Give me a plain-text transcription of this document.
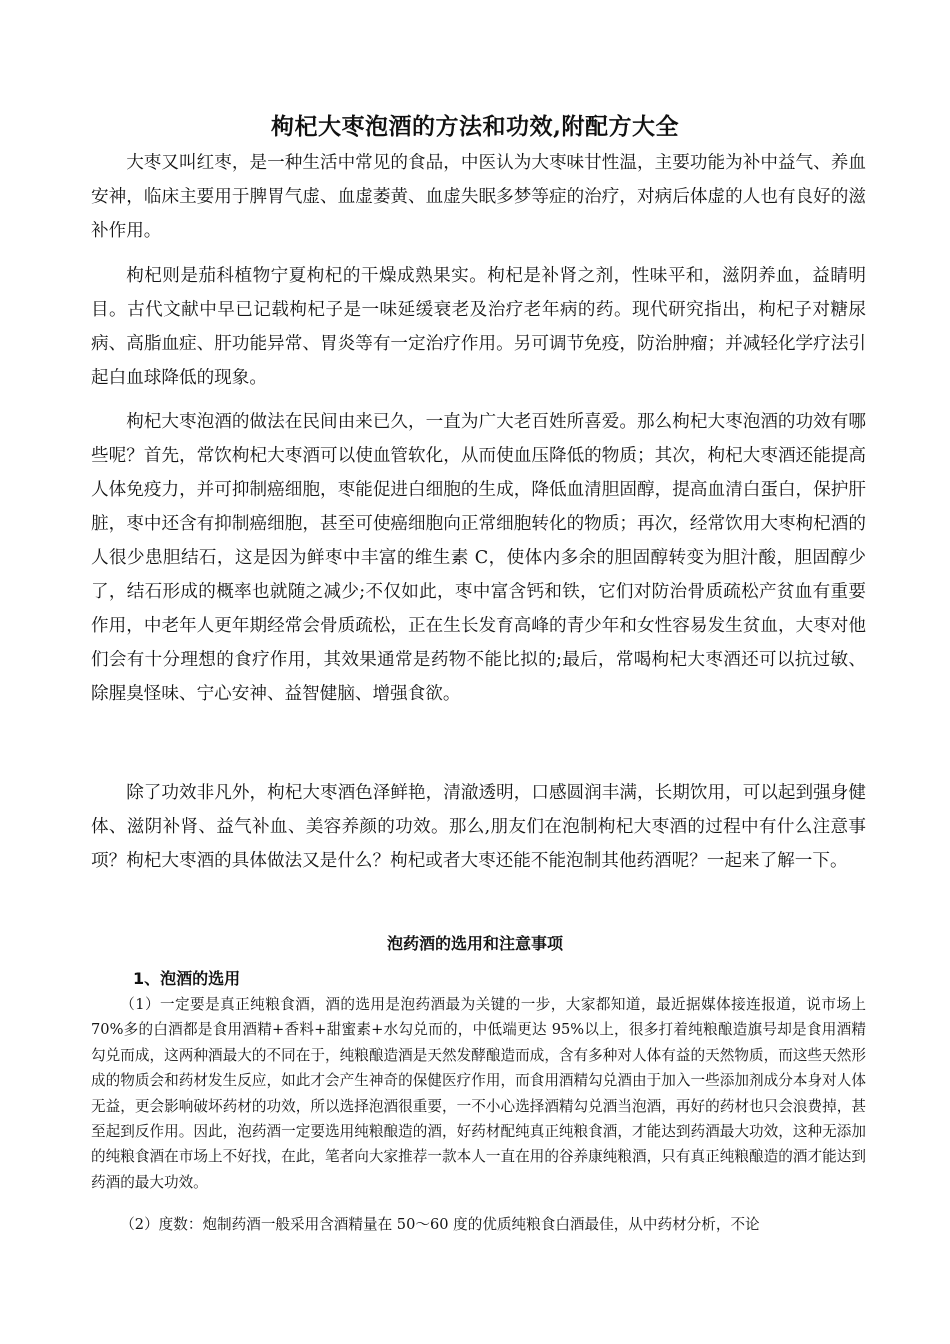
枸杞大枣泡酒的方法和功效,附配方大全

大枣又叫红枣，是一种生活中常见的食品，中医认为大枣味甘性温，主要功能为补中益气、养血安神，临床主要用于脾胃气虚、血虚萎黄、血虚失眠多梦等症的治疗，对病后体虚的人也有良好的滋补作用。

枸杞则是茄科植物宁夏枸杞的干燥成熟果实。枸杞是补肾之剂，性味平和，滋阴养血，益睛明目。古代文献中早已记载枸杞子是一味延缓衰老及治疗老年病的药。现代研究指出，枸杞子对糖尿病、高脂血症、肝功能异常、胃炎等有一定治疗作用。另可调节免疫，防治肿瘤；并减轻化学疗法引起白血球降低的现象。

枸杞大枣泡酒的做法在民间由来已久，一直为广大老百姓所喜爱。那么枸杞大枣泡酒的功效有哪些呢？首先，常饮枸杞大枣酒可以使血管软化，从而使血压降低的物质；其次，枸杞大枣酒还能提高人体免疫力，并可抑制癌细胞，枣能促进白细胞的生成，降低血清胆固醇，提高血清白蛋白，保护肝脏，枣中还含有抑制癌细胞，甚至可使癌细胞向正常细胞转化的物质；再次，经常饮用大枣枸杞酒的人很少患胆结石，这是因为鲜枣中丰富的维生素 C，使体内多余的胆固醇转变为胆汁酸，胆固醇少了，结石形成的概率也就随之减少;不仅如此，枣中富含钙和铁，它们对防治骨质疏松产贫血有重要作用，中老年人更年期经常会骨质疏松，正在生长发育高峰的青少年和女性容易发生贫血，大枣对他们会有十分理想的食疗作用，其效果通常是药物不能比拟的;最后，常喝枸杞大枣酒还可以抗过敏、除腥臭怪味、宁心安神、益智健脑、增强食欲。

除了功效非凡外，枸杞大枣酒色泽鲜艳，清澈透明，口感圆润丰满，长期饮用，可以起到强身健体、滋阴补肾、益气补血、美容养颜的功效。那么,朋友们在泡制枸杞大枣酒的过程中有什么注意事项？枸杞大枣酒的具体做法又是什么？枸杞或者大枣还能不能泡制其他药酒呢？一起来了解一下。

泡药酒的选用和注意事项
1、泡酒的选用

（1）一定要是真正纯粮食酒，酒的选用是泡药酒最为关键的一步，大家都知道，最近据媒体接连报道，说市场上 70%多的白酒都是食用酒精+香料+甜蜜素+水勾兑而的，中低端更达 95%以上，很多打着纯粮酿造旗号却是食用酒精勾兑而成，这两种酒最大的不同在于，纯粮酿造酒是天然发酵酿造而成，含有多种对人体有益的天然物质，而这些天然形成的物质会和药材发生反应，如此才会产生神奇的保健医疗作用，而食用酒精勾兑酒由于加入一些添加剂成分本身对人体无益，更会影响破坏药材的功效，所以选择泡酒很重要，一不小心选择酒精勾兑酒当泡酒，再好的药材也只会浪费掉，甚至起到反作用。因此，泡药酒一定要选用纯粮酿造的酒，好药材配纯真正纯粮食酒，才能达到药酒最大功效，这种无添加的纯粮食酒在市场上不好找，在此，笔者向大家推荐一款本人一直在用的谷养康纯粮酒，只有真正纯粮酿造的酒才能达到药酒的最大功效。

（2）度数：炮制药酒一般采用含酒精量在 50～60 度的优质纯粮食白酒最佳，从中药材分析，不论
